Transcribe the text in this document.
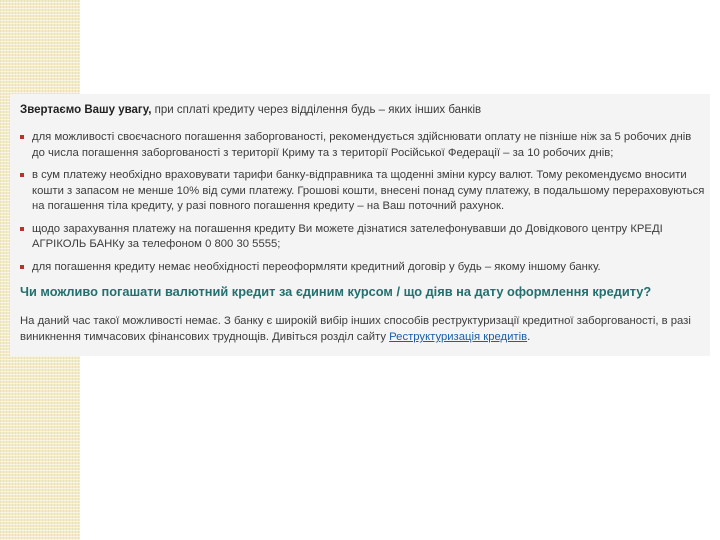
Звертаємо Вашу увагу, при сплаті кредиту через відділення будь – яких інших банків
для можливості своєчасного погашення заборгованості, рекомендується здійснювати оплату не пізніше ніж за 5 робочих днів до числа погашення заборгованості з території Криму та з території Російської Федерації – за 10 робочих днів;
в сум платежу необхідно враховувати тарифи банку-відправника та щоденні зміни курсу валют. Тому рекомендуємо вносити кошти з запасом не менше 10% від суми платежу. Грошові кошти, внесені понад суму платежу, в подальшому перераховуються на погашення тіла кредиту, у разі повного погашення кредиту – на Ваш поточний рахунок.
щодо зарахування платежу на погашення кредиту Ви можете дізнатися зателефонувавши до Довідкового центру КРЕДІ АГРІКОЛЬ БАНКу за телефоном 0 800 30 5555;
для погашення кредиту немає необхідності переоформляти кредитний договір у будь – якому іншому банку.
Чи можливо погашати валютний кредит за єдиним курсом / що діяв на дату оформлення кредиту?
На даний час такої можливості немає. З банку є широкій вибір інших способів реструктуризації кредитної заборгованості, в разі виникнення тимчасових фінансових труднощів. Дивіться розділ сайту Реструктуризація кредитів.
